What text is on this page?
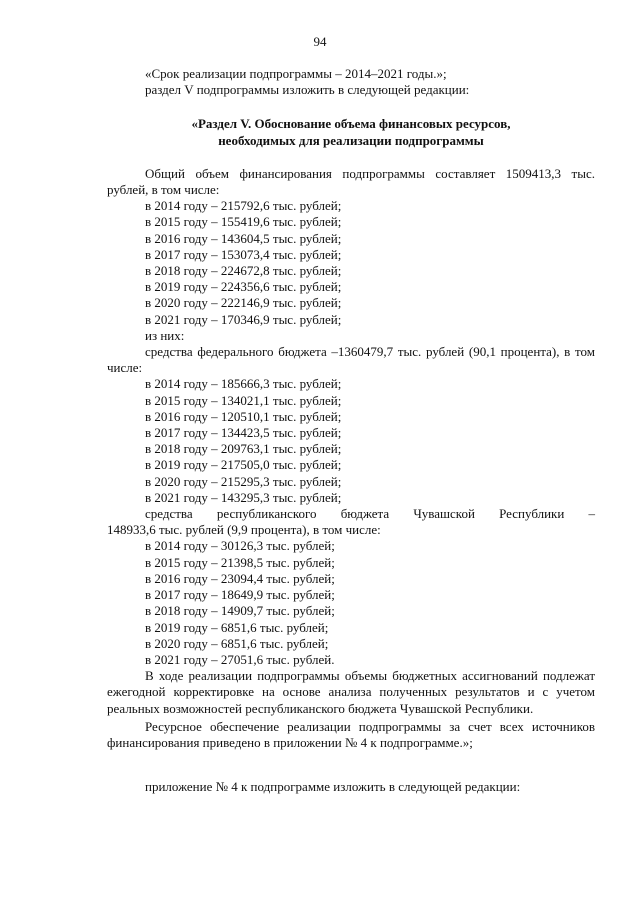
94

«Срок реализации подпрограммы – 2014–2021 годы.»;

раздел V подпрограммы изложить в следующей редакции:

«Раздел V. Обоснование объема финансовых ресурсов,
необходимых для реализации подпрограммы

Общий объем финансирования подпрограммы составляет 1509413,3 тыс. рублей, в том числе:

в 2014 году – 215792,6 тыс. рублей;

в 2015 году – 155419,6 тыс. рублей;

в 2016 году – 143604,5 тыс. рублей;

в 2017 году – 153073,4 тыс. рублей;

в 2018 году – 224672,8 тыс. рублей;

в 2019 году – 224356,6 тыс. рублей;

в 2020 году – 222146,9 тыс. рублей;

в 2021 году – 170346,9 тыс. рублей;

из них:

средства федерального бюджета –1360479,7 тыс. рублей (90,1 процента), в том числе:

в 2014 году – 185666,3 тыс. рублей;

в 2015 году – 134021,1 тыс. рублей;

в 2016 году – 120510,1 тыс. рублей;

в 2017 году – 134423,5 тыс. рублей;

в 2018 году – 209763,1 тыс. рублей;

в 2019 году – 217505,0 тыс. рублей;

в 2020 году – 215295,3 тыс. рублей;

в 2021 году – 143295,3 тыс. рублей;

средства республиканского бюджета Чувашской Республики –

148933,6 тыс. рублей (9,9 процента), в том числе:

в 2014 году – 30126,3 тыс. рублей;

в 2015 году – 21398,5 тыс. рублей;

в 2016 году – 23094,4 тыс. рублей;

в 2017 году – 18649,9 тыс. рублей;

в 2018 году – 14909,7 тыс. рублей;

в 2019 году – 6851,6 тыс. рублей;

в 2020 году – 6851,6 тыс. рублей;

в 2021 году – 27051,6 тыс. рублей.

В ходе реализации подпрограммы объемы бюджетных ассигнований подлежат ежегодной корректировке на основе анализа полученных результатов и с учетом реальных возможностей республиканского бюджета Чувашской Республики.

Ресурсное обеспечение реализации подпрограммы за счет всех источников финансирования приведено в приложении № 4 к подпрограмме.»;

приложение № 4 к подпрограмме изложить в следующей редакции:
